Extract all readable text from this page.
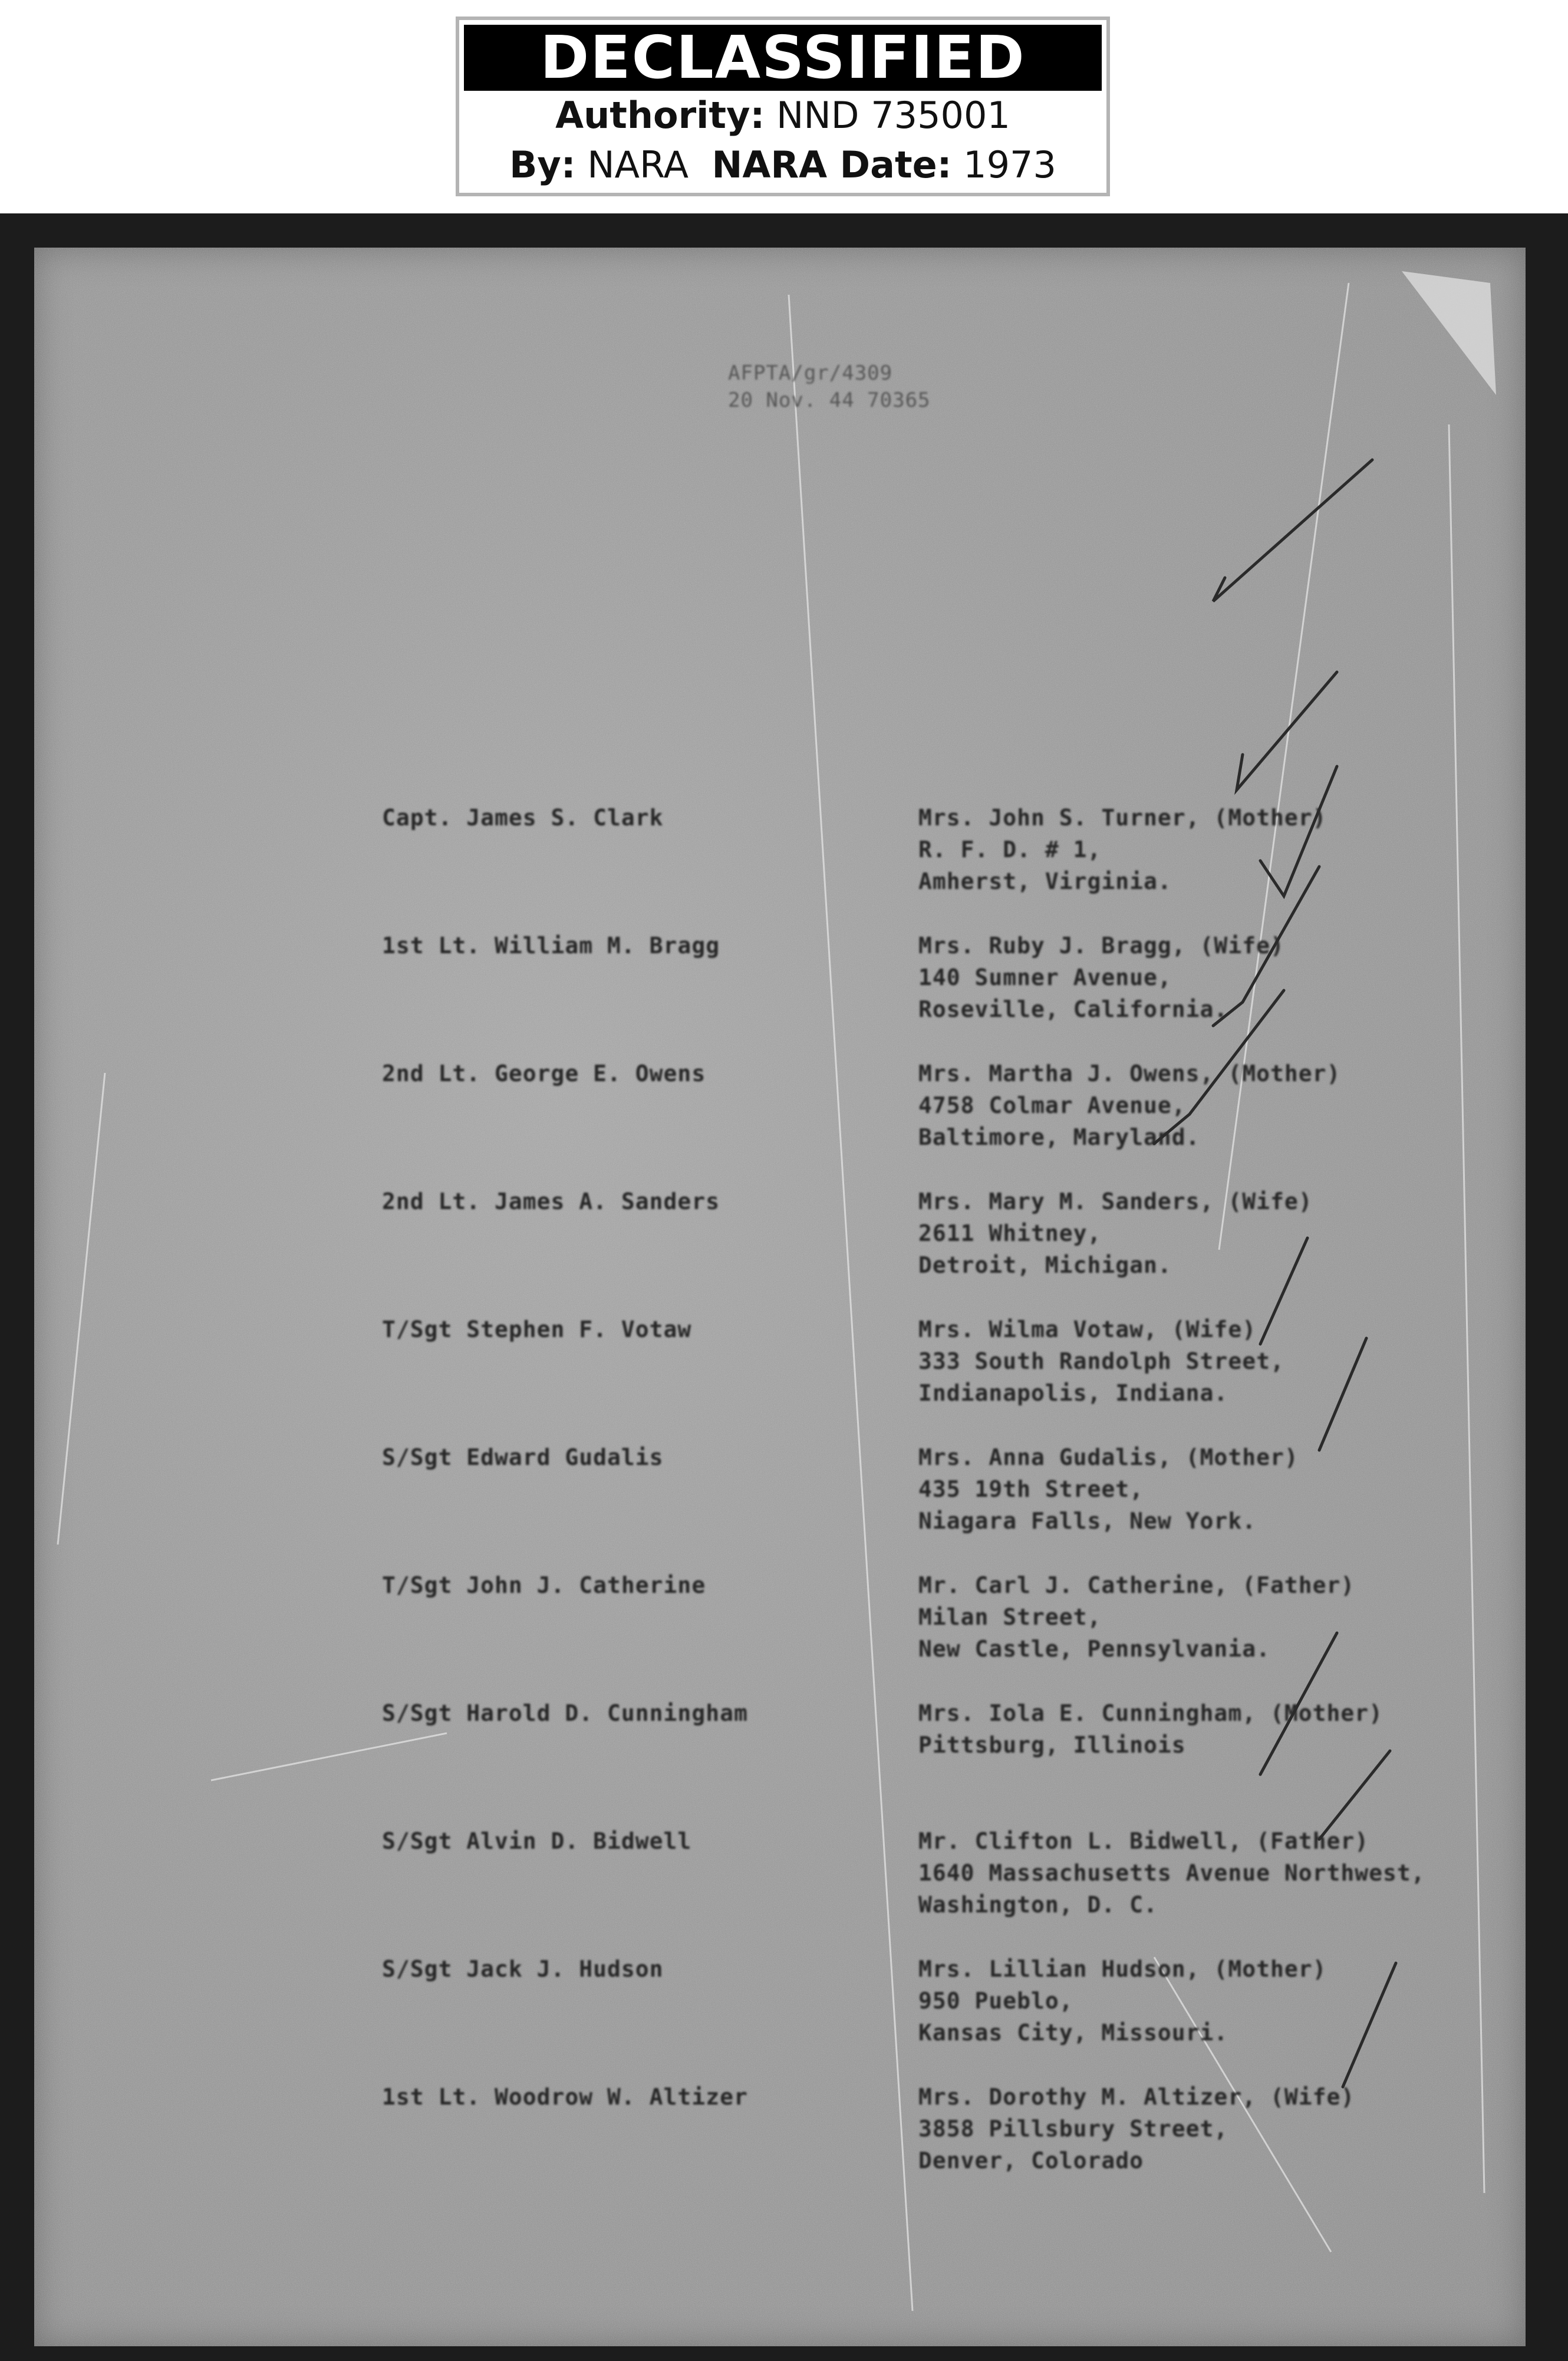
DECLASSIFIED
Authority: NND 735001
By: NARA NARA Date: 1973
AFPTA/gr/4309
20 Nov. 44 70365
Capt. James S. Clark	Mrs. John S. Turner, (Mother)
R. F. D. # 1,
Amherst, Virginia.
1st Lt. William M. Bragg	Mrs. Ruby J. Bragg, (Wife)
140 Sumner Avenue,
Roseville, California.
2nd Lt. George E. Owens	Mrs. Martha J. Owens, (Mother)
4758 Colmar Avenue,
Baltimore, Maryland.
2nd Lt. James A. Sanders	Mrs. Mary M. Sanders, (Wife)
2611 Whitney,
Detroit, Michigan.
T/Sgt Stephen F. Votaw	Mrs. Wilma Votaw, (Wife)
333 South Randolph Street,
Indianapolis, Indiana.
S/Sgt Edward Gudalis	Mrs. Anna Gudalis, (Mother)
435 19th Street,
Niagara Falls, New York.
T/Sgt John J. Catherine	Mr. Carl J. Catherine, (Father)
Milan Street,
New Castle, Pennsylvania.
S/Sgt Harold D. Cunningham	Mrs. Iola E. Cunningham, (Mother)
Pittsburg, Illinois
S/Sgt Alvin D. Bidwell	Mr. Clifton L. Bidwell, (Father)
1640 Massachusetts Avenue Northwest,
Washington, D. C.
S/Sgt Jack J. Hudson	Mrs. Lillian Hudson, (Mother)
950 Pueblo,
Kansas City, Missouri.
1st Lt. Woodrow W. Altizer	Mrs. Dorothy M. Altizer, (Wife)
3858 Pillsbury Street,
Denver, Colorado
